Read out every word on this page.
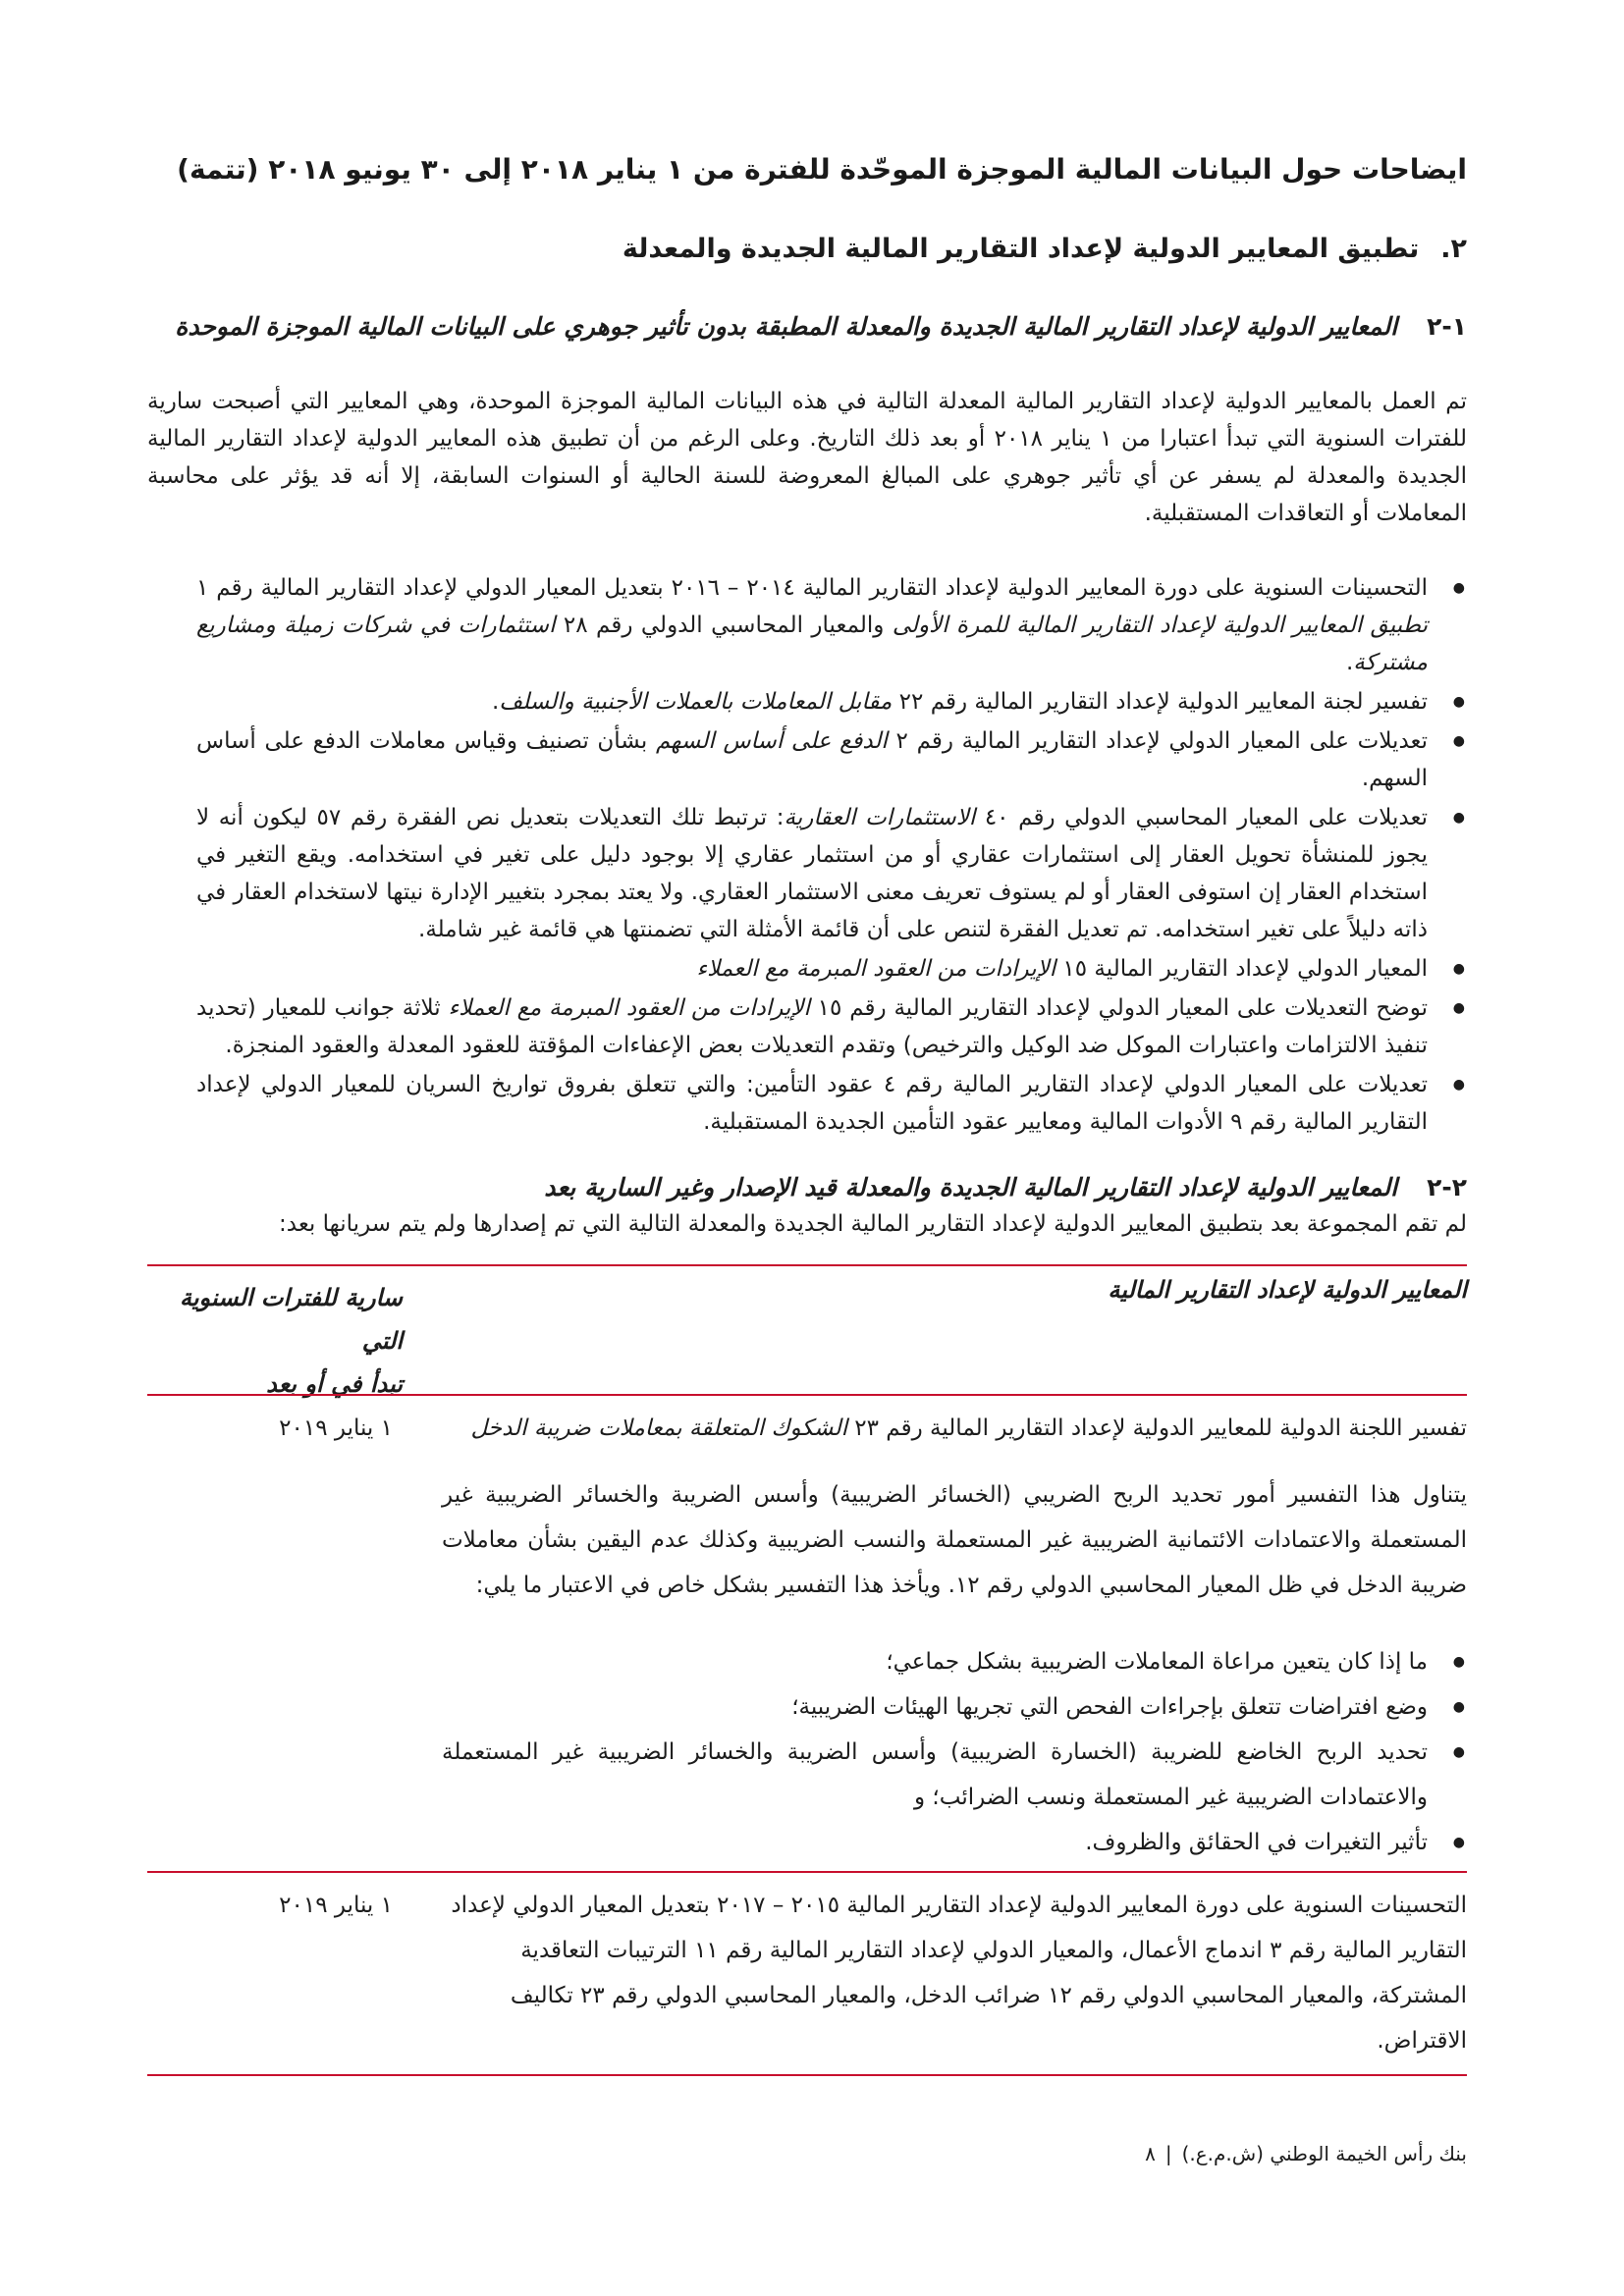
ايضاحات حول البيانات المالية الموجزة الموحّدة للفترة من ١ يناير ٢٠١٨ إلى ٣٠ يونيو ٢٠١٨ (تتمة)
٢.تطبيق المعايير الدولية لإعداد التقارير المالية الجديدة والمعدلة
١-٢المعايير الدولية لإعداد التقارير المالية الجديدة والمعدلة المطبقة بدون تأثير جوهري على البيانات المالية الموجزة الموحدة

تم العمل بالمعايير الدولية لإعداد التقارير المالية المعدلة التالية في هذه البيانات المالية الموجزة الموحدة، وهي المعايير التي أصبحت سارية للفترات السنوية التي تبدأ اعتبارا من ١ يناير ٢٠١٨ أو بعد ذلك التاريخ. وعلى الرغم من أن تطبيق هذه المعايير الدولية لإعداد التقارير المالية الجديدة والمعدلة لم يسفر عن أي تأثير جوهري على المبالغ المعروضة للسنة الحالية أو السنوات السابقة، إلا أنه قد يؤثر على محاسبة المعاملات أو التعاقدات المستقبلية.

● التحسينات السنوية على دورة المعايير الدولية لإعداد التقارير المالية ٢٠١٤ – ٢٠١٦ بتعديل المعيار الدولي لإعداد التقارير المالية رقم ١ تطبيق المعايير الدولية لإعداد التقارير المالية للمرة الأولى والمعيار المحاسبي الدولي رقم ٢٨ استثمارات في شركات زميلة ومشاريع مشتركة.
● تفسير لجنة المعايير الدولية لإعداد التقارير المالية رقم ٢٢ مقابل المعاملات بالعملات الأجنبية والسلف.
● تعديلات على المعيار الدولي لإعداد التقارير المالية رقم ٢ الدفع على أساس السهم بشأن تصنيف وقياس معاملات الدفع على أساس السهم.
● تعديلات على المعيار المحاسبي الدولي رقم ٤٠ الاستثمارات العقارية: ترتبط تلك التعديلات بتعديل نص الفقرة رقم ٥٧ ليكون أنه لا يجوز للمنشأة تحويل العقار إلى استثمارات عقاري أو من استثمار عقاري إلا بوجود دليل على تغير في استخدامه. ويقع التغير في استخدام العقار إن استوفى العقار أو لم يستوف تعريف معنى الاستثمار العقاري. ولا يعتد بمجرد بتغيير الإدارة نيتها لاستخدام العقار في ذاته دليلاً على تغير استخدامه. تم تعديل الفقرة لتنص على أن قائمة الأمثلة التي تضمنتها هي قائمة غير شاملة.
● المعيار الدولي لإعداد التقارير المالية ١٥ الإيرادات من العقود المبرمة مع العملاء
● توضح التعديلات على المعيار الدولي لإعداد التقارير المالية رقم ١٥ الإيرادات من العقود المبرمة مع العملاء ثلاثة جوانب للمعيار (تحديد تنفيذ الالتزامات واعتبارات الموكل ضد الوكيل والترخيص) وتقدم التعديلات بعض الإعفاءات المؤقتة للعقود المعدلة والعقود المنجزة.
● تعديلات على المعيار الدولي لإعداد التقارير المالية رقم ٤ عقود التأمين: والتي تتعلق بفروق تواريخ السريان للمعيار الدولي لإعداد التقارير المالية رقم ٩ الأدوات المالية ومعايير عقود التأمين الجديدة المستقبلية.
٢-٢المعايير الدولية لإعداد التقارير المالية الجديدة والمعدلة قيد الإصدار وغير السارية بعد

لم تقم المجموعة بعد بتطبيق المعايير الدولية لإعداد التقارير المالية الجديدة والمعدلة التالية التي تم إصدارها ولم يتم سريانها بعد:

المعايير الدولية لإعداد التقارير المالية
سارية للفترات السنوية التي
تبدأ في أو بعد
تفسير اللجنة الدولية للمعايير الدولية لإعداد التقارير المالية رقم ٢٣ الشكوك المتعلقة بمعاملات ضريبة الدخل
١ يناير ٢٠١٩

يتناول هذا التفسير أمور تحديد الربح الضريبي (الخسائر الضريبية) وأسس الضريبة والخسائر الضريبية غير المستعملة والاعتمادات الائتمانية الضريبية غير المستعملة والنسب الضريبية وكذلك عدم اليقين بشأن معاملات ضريبة الدخل في ظل المعيار المحاسبي الدولي رقم ١٢. ويأخذ هذا التفسير بشكل خاص في الاعتبار ما يلي:

● ما إذا كان يتعين مراعاة المعاملات الضريبية بشكل جماعي؛
● وضع افتراضات تتعلق بإجراءات الفحص التي تجريها الهيئات الضريبية؛
● تحديد الربح الخاضع للضريبة (الخسارة الضريبية) وأسس الضريبة والخسائر الضريبية غير المستعملة والاعتمادات الضريبية غير المستعملة ونسب الضرائب؛ و
● تأثير التغيرات في الحقائق والظروف.
التحسينات السنوية على دورة المعايير الدولية لإعداد التقارير المالية ٢٠١٥ – ٢٠١٧ بتعديل المعيار الدولي لإعداد التقارير المالية رقم ٣ اندماج الأعمال، والمعيار الدولي لإعداد التقارير المالية رقم ١١ الترتيبات التعاقدية المشتركة، والمعيار المحاسبي الدولي رقم ١٢ ضرائب الدخل، والمعيار المحاسبي الدولي رقم ٢٣ تكاليف الاقتراض.
١ يناير ٢٠١٩
بنك رأس الخيمة الوطني (ش.م.ع.)|٨
